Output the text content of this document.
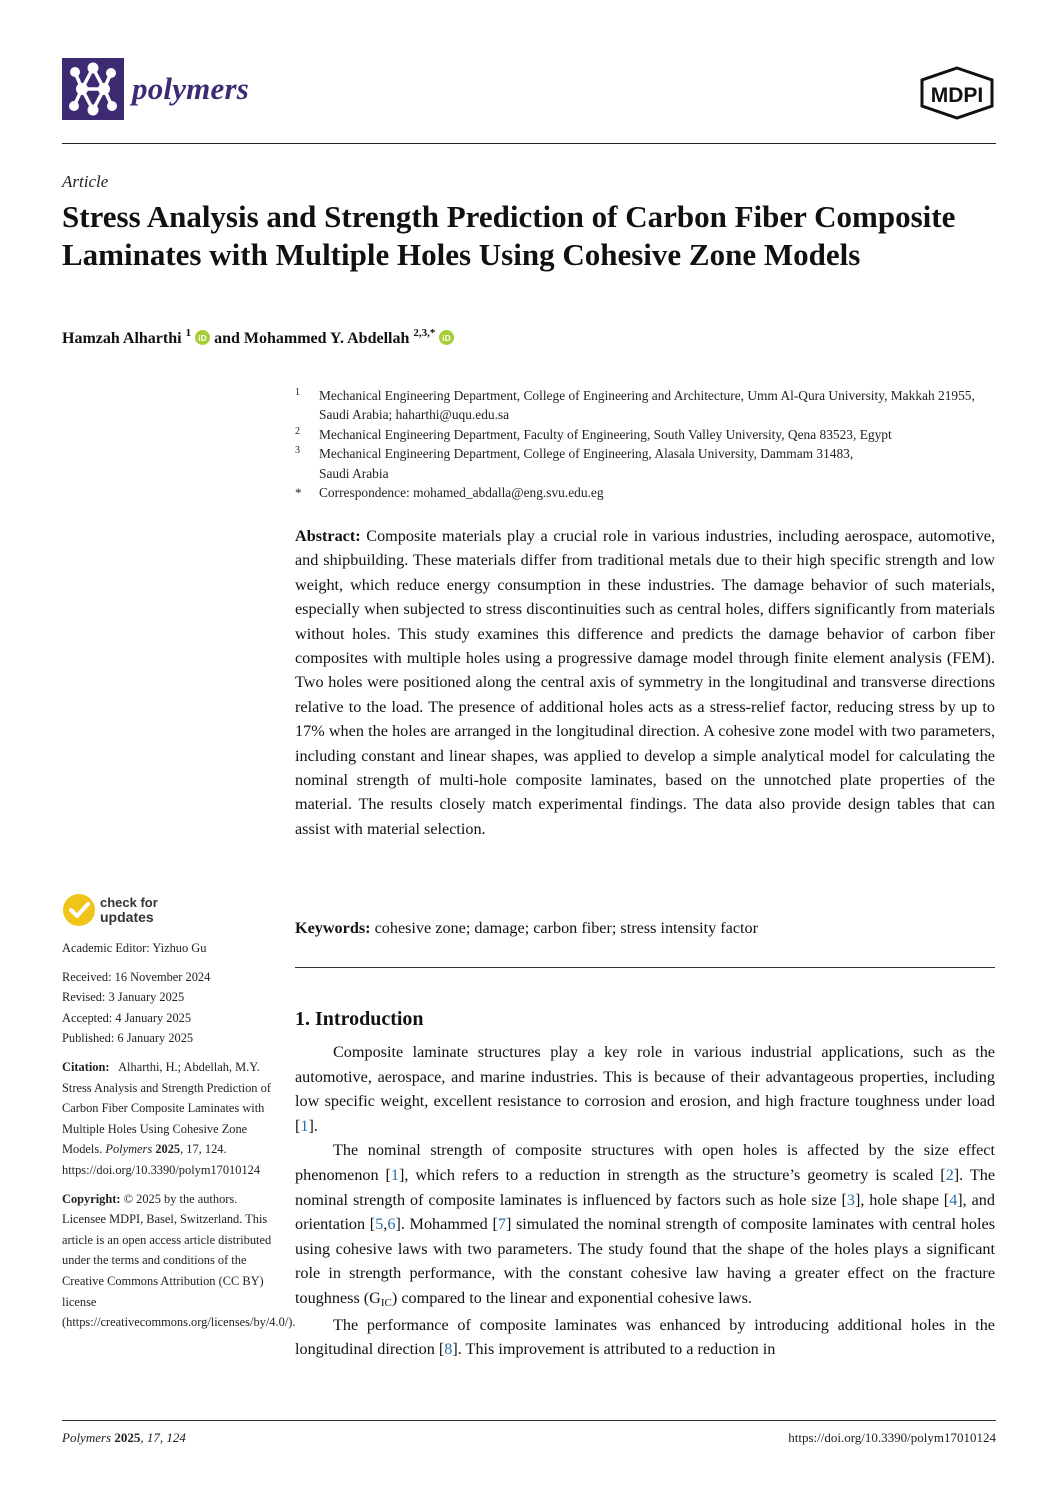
polymers	MDPI
Article
Stress Analysis and Strength Prediction of Carbon Fiber Composite Laminates with Multiple Holes Using Cohesive Zone Models
Hamzah Alharthi
$^1$ iD and
Mohammed Y. Abdellah
$^{2,3,*}$ iD
1	Mechanical Engineering Department, College of Engineering and Architecture, Umm Al-Qura University, Makkah 21955, Saudi Arabia; haharthi@uqu.edu.sa
2	Mechanical Engineering Department, Faculty of Engineering, South Valley University, Qena 83523, Egypt
3	Mechanical Engineering Department, College of Engineering, Alasala University, Dammam 31483, Saudi Arabia
*	Correspondence: mohamed_abdalla@eng.svu.edu.eg
Abstract: Composite materials play a crucial role in various industries, including aerospace, automotive, and shipbuilding. These materials differ from traditional metals due to their high specific strength and low weight, which reduce energy consumption in these industries. The damage behavior of such materials, especially when subjected to stress discontinuities such as central holes, differs significantly from materials without holes. This study examines this difference and predicts the damage behavior of carbon fiber composites with multiple holes using a progressive damage model through finite element analysis (FEM). Two holes were positioned along the central axis of symmetry in the longitudinal and transverse directions relative to the load. The presence of additional holes acts as a stress-relief factor, reducing stress by up to 17% when the holes are arranged in the longitudinal direction. A cohesive zone model with two parameters, including constant and linear shapes, was applied to develop a simple analytical model for calculating the nominal strength of multi-hole composite laminates, based on the unnotched plate properties of the material. The results closely match experimental findings. The data also provide design tables that can assist with material selection.
Keywords: cohesive zone; damage; carbon fiber; stress intensity factor
1. Introduction

Composite laminate structures play a key role in various industrial applications, such as the automotive, aerospace, and marine industries. This is because of their advantageous properties, including low specific weight, excellent resistance to corrosion and erosion, and high fracture toughness under load [1].

The nominal strength of composite structures with open holes is affected by the size effect phenomenon [1], which refers to a reduction in strength as the structure’s geometry is scaled [2]. The nominal strength of composite laminates is influenced by factors such as hole size [3], hole shape [4], and orientation [5,6]. Mohammed [7] simulated the nominal strength of composite laminates with central holes using cohesive laws with two parameters. The study found that the shape of the holes plays a significant role in strength performance, with the constant cohesive law having a greater effect on the fracture toughness (GIC) compared to the linear and exponential cohesive laws.

The performance of composite laminates was enhanced by introducing additional holes in the longitudinal direction [8]. This improvement is attributed to a reduction in

check for
updates
Academic Editor: Yizhuo Gu
Received: 16 November 2024
Revised: 3 January 2025
Accepted: 4 January 2025
Published: 6 January 2025
Citation: Alharthi, H.; Abdellah, M.Y. Stress Analysis and Strength Prediction of Carbon Fiber Composite Laminates with Multiple Holes Using Cohesive Zone Models. Polymers 2025, 17, 124. https://doi.org/10.3390/polym17010124
Copyright: © 2025 by the authors. Licensee MDPI, Basel, Switzerland. This article is an open access article distributed under the terms and conditions of the Creative Commons Attribution (CC BY) license (https://creativecommons.org/licenses/by/4.0/).
Polymers 2025, 17, 124	https://doi.org/10.3390/polym17010124
